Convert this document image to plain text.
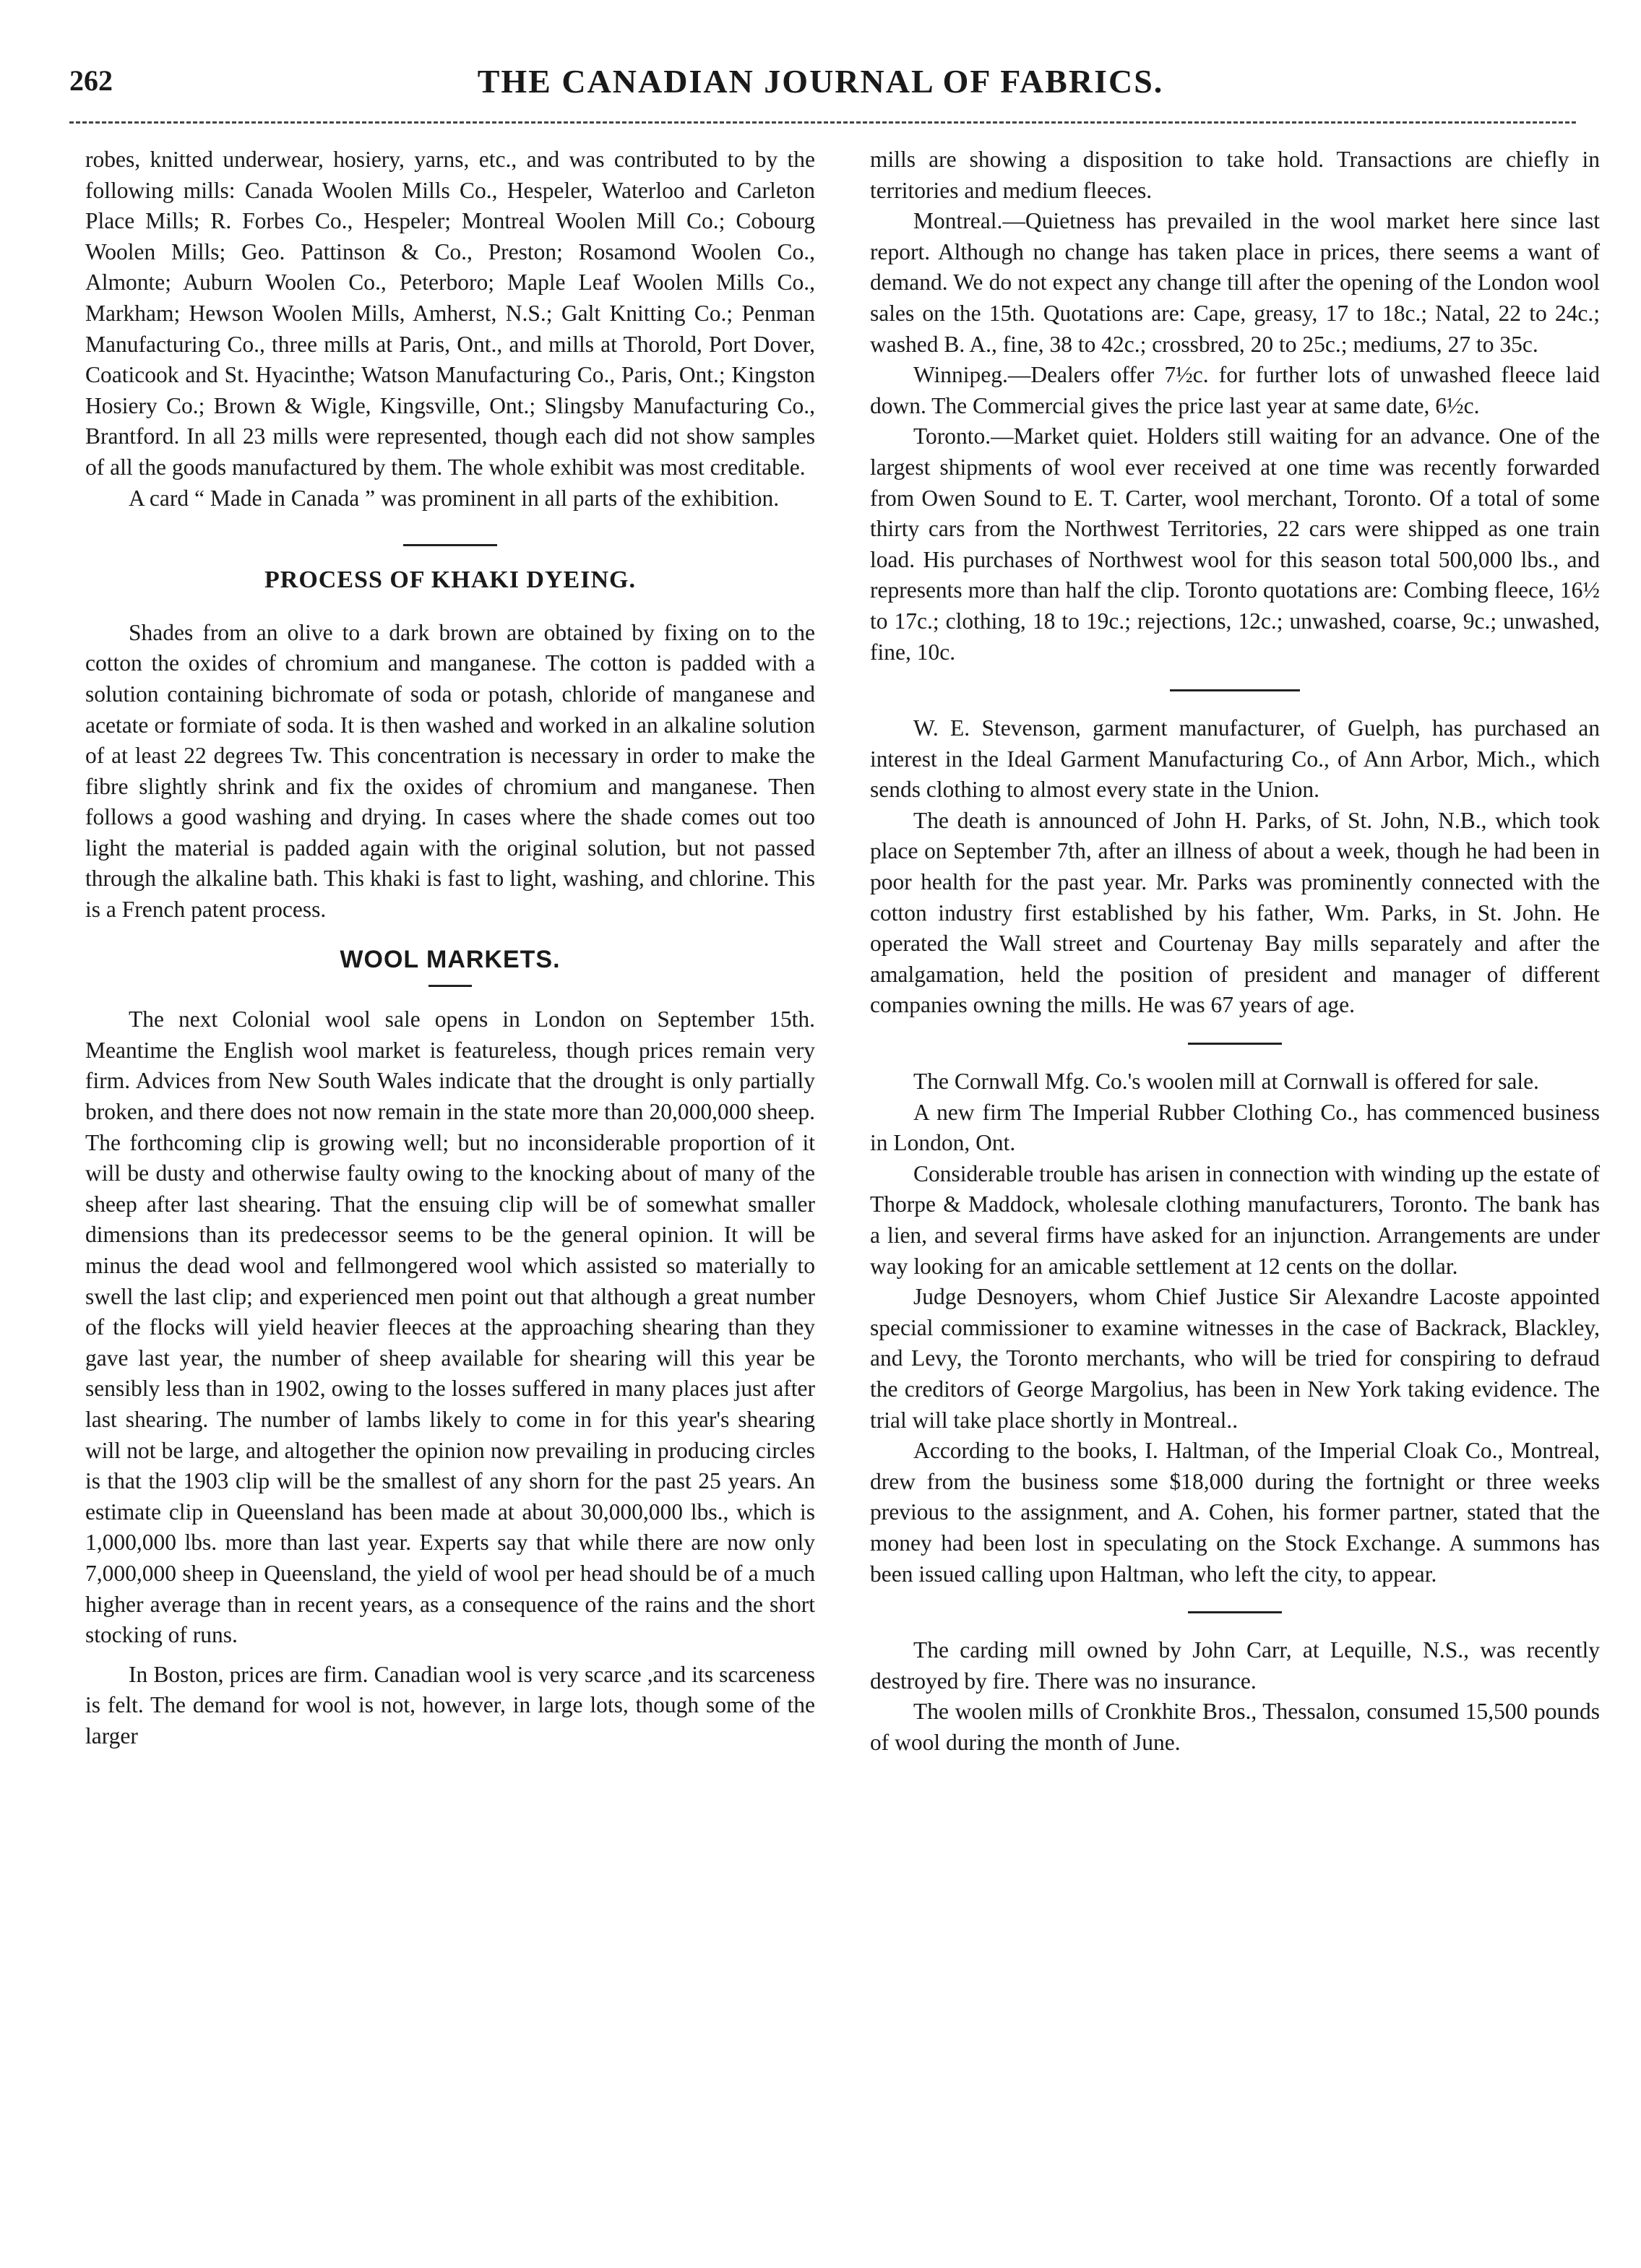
262	THE CANADIAN JOURNAL OF FABRICS.

robes, knitted underwear, hosiery, yarns, etc., and was contributed to by the following mills: Canada Woolen Mills Co., Hespeler, Waterloo and Carleton Place Mills; R. Forbes Co., Hespeler; Montreal Woolen Mill Co.; Cobourg Woolen Mills; Geo. Pattinson & Co., Preston; Rosamond Woolen Co., Almonte; Auburn Woolen Co., Peterboro; Maple Leaf Woolen Mills Co., Markham; Hewson Woolen Mills, Amherst, N.S.; Galt Knitting Co.; Penman Manufacturing Co., three mills at Paris, Ont., and mills at Thorold, Port Dover, Coaticook and St. Hyacinthe; Watson Manufacturing Co., Paris, Ont.; Kingston Hosiery Co.; Brown & Wigle, Kingsville, Ont.; Slingsby Manufacturing Co., Brantford. In all 23 mills were represented, though each did not show samples of all the goods manufactured by them. The whole exhibit was most creditable.

A card “ Made in Canada ” was prominent in all parts of the exhibition.

PROCESS OF KHAKI DYEING.

Shades from an olive to a dark brown are obtained by fixing on to the cotton the oxides of chromium and manganese. The cotton is padded with a solution containing bichromate of soda or potash, chloride of manganese and acetate or formiate of soda. It is then washed and worked in an alkaline solution of at least 22 degrees Tw. This concentration is necessary in order to make the fibre slightly shrink and fix the oxides of chromium and manganese. Then follows a good washing and drying. In cases where the shade comes out too light the material is padded again with the original solution, but not passed through the alkaline bath. This khaki is fast to light, washing, and chlorine. This is a French patent process.

WOOL MARKETS.

The next Colonial wool sale opens in London on September 15th. Meantime the English wool market is featureless, though prices remain very firm. Advices from New South Wales indicate that the drought is only partially broken, and there does not now remain in the state more than 20,000,000 sheep. The forthcoming clip is growing well; but no inconsiderable proportion of it will be dusty and otherwise faulty owing to the knocking about of many of the sheep after last shearing. That the ensuing clip will be of somewhat smaller dimensions than its predecessor seems to be the general opinion. It will be minus the dead wool and fellmongered wool which assisted so materially to swell the last clip; and experienced men point out that although a great number of the flocks will yield heavier fleeces at the approaching shearing than they gave last year, the number of sheep available for shearing will this year be sensibly less than in 1902, owing to the losses suffered in many places just after last shearing. The number of lambs likely to come in for this year's shearing will not be large, and altogether the opinion now prevailing in producing circles is that the 1903 clip will be the smallest of any shorn for the past 25 years. An estimate clip in Queensland has been made at about 30,000,000 lbs., which is 1,000,000 lbs. more than last year. Experts say that while there are now only 7,000,000 sheep in Queensland, the yield of wool per head should be of a much higher average than in recent years, as a consequence of the rains and the short stocking of runs.

In Boston, prices are firm. Canadian wool is very scarce ,and its scarceness is felt. The demand for wool is not, however, in large lots, though some of the larger

mills are showing a disposition to take hold. Transactions are chiefly in territories and medium fleeces.

Montreal.—Quietness has prevailed in the wool market here since last report. Although no change has taken place in prices, there seems a want of demand. We do not expect any change till after the opening of the London wool sales on the 15th. Quotations are: Cape, greasy, 17 to 18c.; Natal, 22 to 24c.; washed B. A., fine, 38 to 42c.; crossbred, 20 to 25c.; mediums, 27 to 35c.

Winnipeg.—Dealers offer 7½c. for further lots of unwashed fleece laid down. The Commercial gives the price last year at same date, 6½c.

Toronto.—Market quiet. Holders still waiting for an advance. One of the largest shipments of wool ever received at one time was recently forwarded from Owen Sound to E. T. Carter, wool merchant, Toronto. Of a total of some thirty cars from the Northwest Territories, 22 cars were shipped as one train load. His purchases of Northwest wool for this season total 500,000 lbs., and represents more than half the clip. Toronto quotations are: Combing fleece, 16½ to 17c.; clothing, 18 to 19c.; rejections, 12c.; unwashed, coarse, 9c.; unwashed, fine, 10c.

W. E. Stevenson, garment manufacturer, of Guelph, has purchased an interest in the Ideal Garment Manufacturing Co., of Ann Arbor, Mich., which sends clothing to almost every state in the Union.

The death is announced of John H. Parks, of St. John, N.B., which took place on September 7th, after an illness of about a week, though he had been in poor health for the past year. Mr. Parks was prominently connected with the cotton industry first established by his father, Wm. Parks, in St. John. He operated the Wall street and Courtenay Bay mills separately and after the amalgamation, held the position of president and manager of different companies owning the mills. He was 67 years of age.

The Cornwall Mfg. Co.'s woolen mill at Cornwall is offered for sale.

A new firm The Imperial Rubber Clothing Co., has commenced business in London, Ont.

Considerable trouble has arisen in connection with winding up the estate of Thorpe & Maddock, wholesale clothing manufacturers, Toronto. The bank has a lien, and several firms have asked for an injunction. Arrangements are under way looking for an amicable settlement at 12 cents on the dollar.

Judge Desnoyers, whom Chief Justice Sir Alexandre Lacoste appointed special commissioner to examine witnesses in the case of Backrack, Blackley, and Levy, the Toronto merchants, who will be tried for conspiring to defraud the creditors of George Margolius, has been in New York taking evidence. The trial will take place shortly in Montreal..

According to the books, I. Haltman, of the Imperial Cloak Co., Montreal, drew from the business some $18,000 during the fortnight or three weeks previous to the assignment, and A. Cohen, his former partner, stated that the money had been lost in speculating on the Stock Exchange. A summons has been issued calling upon Haltman, who left the city, to appear.

The carding mill owned by John Carr, at Lequille, N.S., was recently destroyed by fire. There was no insurance.

The woolen mills of Cronkhite Bros., Thessalon, consumed 15,500 pounds of wool during the month of June.
